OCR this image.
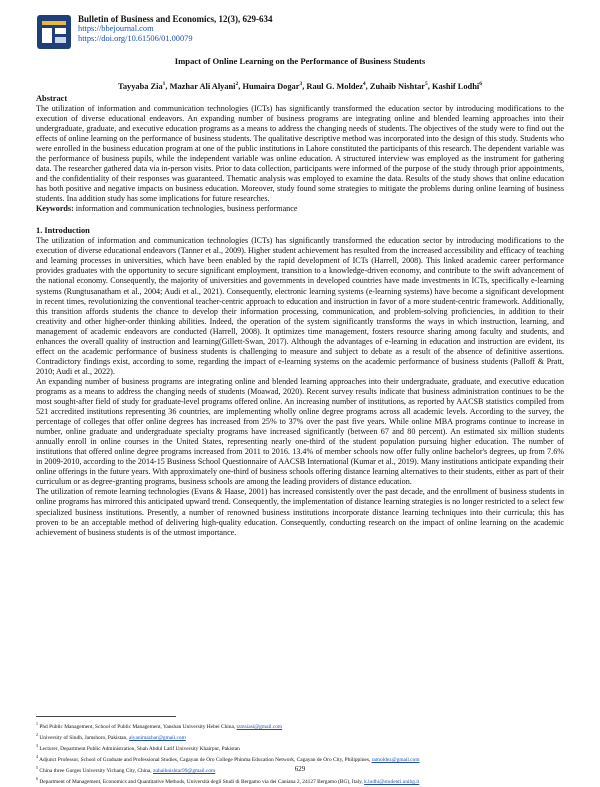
Bulletin of Business and Economics, 12(3), 629-634
https://bbejournal.com
https://doi.org/10.61506/01.00079
Impact of Online Learning on the Performance of Business Students
Tayyaba Zia$^1$, Mazhar Ali Alyani$^2$, Humaira Dogar$^3$, Raul G. Moldez$^4$, Zuhaib Nishtar$^5$, Kashif Lodhi$^6$
Abstract

The utilization of information and communication technologies (ICTs) has significantly transformed the education sector by introducing modifications to the execution of diverse educational endeavors. An expanding number of business programs are integrating online and blended learning approaches into their undergraduate, graduate, and executive education programs as a means to address the changing needs of students. The objectives of the study were to find out the effects of online learning on the performance of business students. The qualitative descriptive method was incorporated into the design of this study. Students who were enrolled in the business education program at one of the public institutions in Lahore constituted the participants of this research. The dependent variable was the performance of business pupils, while the independent variable was online education. A structured interview was employed as the instrument for gathering data. The researcher gathered data via in-person visits. Prior to data collection, participants were informed of the purpose of the study through prior appointments, and the confidentiality of their responses was guaranteed. Thematic analysis was employed to examine the data. Results of the study shows that online education has both positive and negative impacts on business education. Moreover, study found some strategies to mitigate the problems during online learning of business students. Ina addition study has some implications for future researches.

Keywords: information and communication technologies, business performance
1. Introduction

The utilization of information and communication technologies (ICTs) has significantly transformed the education sector by introducing modifications to the execution of diverse educational endeavors (Tanner et al., 2009). Higher student achievement has resulted from the increased accessibility and efficacy of teaching and learning processes in universities, which have been enabled by the rapid development of ICTs (Harrell, 2008). This linked academic career performance provides graduates with the opportunity to secure significant employment, transition to a knowledge-driven economy, and contribute to the swift advancement of the national economy. Consequently, the majority of universities and governments in developed countries have made investments in ICTs, specifically e-learning systems (Rungtusanatham et al., 2004; Audi et al., 2021). Consequently, electronic learning systems (e-learning systems) have become a significant development in recent times, revolutionizing the conventional teacher-centric approach to education and instruction in favor of a more student-centric framework. Additionally, this transition affords students the chance to develop their information processing, communication, and problem-solving proficiencies, in addition to their creativity and other higher-order thinking abilities. Indeed, the operation of the system significantly transforms the ways in which instruction, learning, and management of academic endeavors are conducted (Harrell, 2008). It optimizes time management, fosters resource sharing among faculty and students, and enhances the overall quality of instruction and learning(Gillett-Swan, 2017). Although the advantages of e-learning in education and instruction are evident, its effect on the academic performance of business students is challenging to measure and subject to debate as a result of the absence of definitive assertions. Contradictory findings exist, according to some, regarding the impact of e-learning systems on the academic performance of business students (Palloff & Pratt, 2010; Audi et al., 2022).

An expanding number of business programs are integrating online and blended learning approaches into their undergraduate, graduate, and executive education programs as a means to address the changing needs of students (Moawad, 2020). Recent survey results indicate that business administration continues to be the most sought-after field of study for graduate-level programs offered online. An increasing number of institutions, as reported by AACSB statistics compiled from 521 accredited institutions representing 36 countries, are implementing wholly online degree programs across all academic levels. According to the survey, the percentage of colleges that offer online degrees has increased from 25% to 37% over the past five years. While online MBA programs continue to increase in number, online graduate and undergraduate specialty programs have increased significantly (between 67 and 80 percent). An estimated six million students annually enroll in online courses in the United States, representing nearly one-third of the student population pursuing higher education. The number of institutions that offered online degree programs increased from 2011 to 2016. 13.4% of member schools now offer fully online bachelor's degrees, up from 7.6% in 2009-2010, according to the 2014-15 Business School Questionnaire of AACSB International (Kumar et al., 2019). Many institutions anticipate expanding their online offerings in the future years. With approximately one-third of business schools offering distance learning alternatives to their students, either as part of their curriculum or as degree-granting programs, business schools are among the leading providers of distance education.

The utilization of remote learning technologies (Evans & Haase, 2001) has increased consistently over the past decade, and the enrollment of business students in online programs has mirrored this anticipated upward trend. Consequently, the implementation of distance learning strategies is no longer restricted to a select few specialized business institutions. Presently, a number of renowned business institutions incorporate distance learning techniques into their curricula; this has proven to be an acceptable method of delivering high-quality education. Consequently, conducting research on the impact of online learning on the academic achievement of business students is of the utmost importance.

$^1$ Phd Public Management, School of Public Management, Yanshan University Hebei China, tzmsiasi@gmail.com
$^2$ University of Sindh, Jamshoro, Pakistan, alyanimazhar@gmail.com
$^3$ Lecturer, Department Public Administration, Shah Abdul Latif University Khairpur, Pakistan
$^4$ Adjunct Professor, School of Graduate and Professional Studies, Cagayan de Oro College Phinma Education Network, Cagayan de Oro City, Philippines, ramoldez@gmail.com
$^5$ China three Gorges University Yichang City, China, zuhaibnishtar99@gmail.com
$^6$ Department of Management, Economics and Quantitative Methods, Università degli Studi di Bergamo via dei Caniana 2, 24127 Bergamo (BG), Italy, k.lodhi@studenti.unibg.it
629
